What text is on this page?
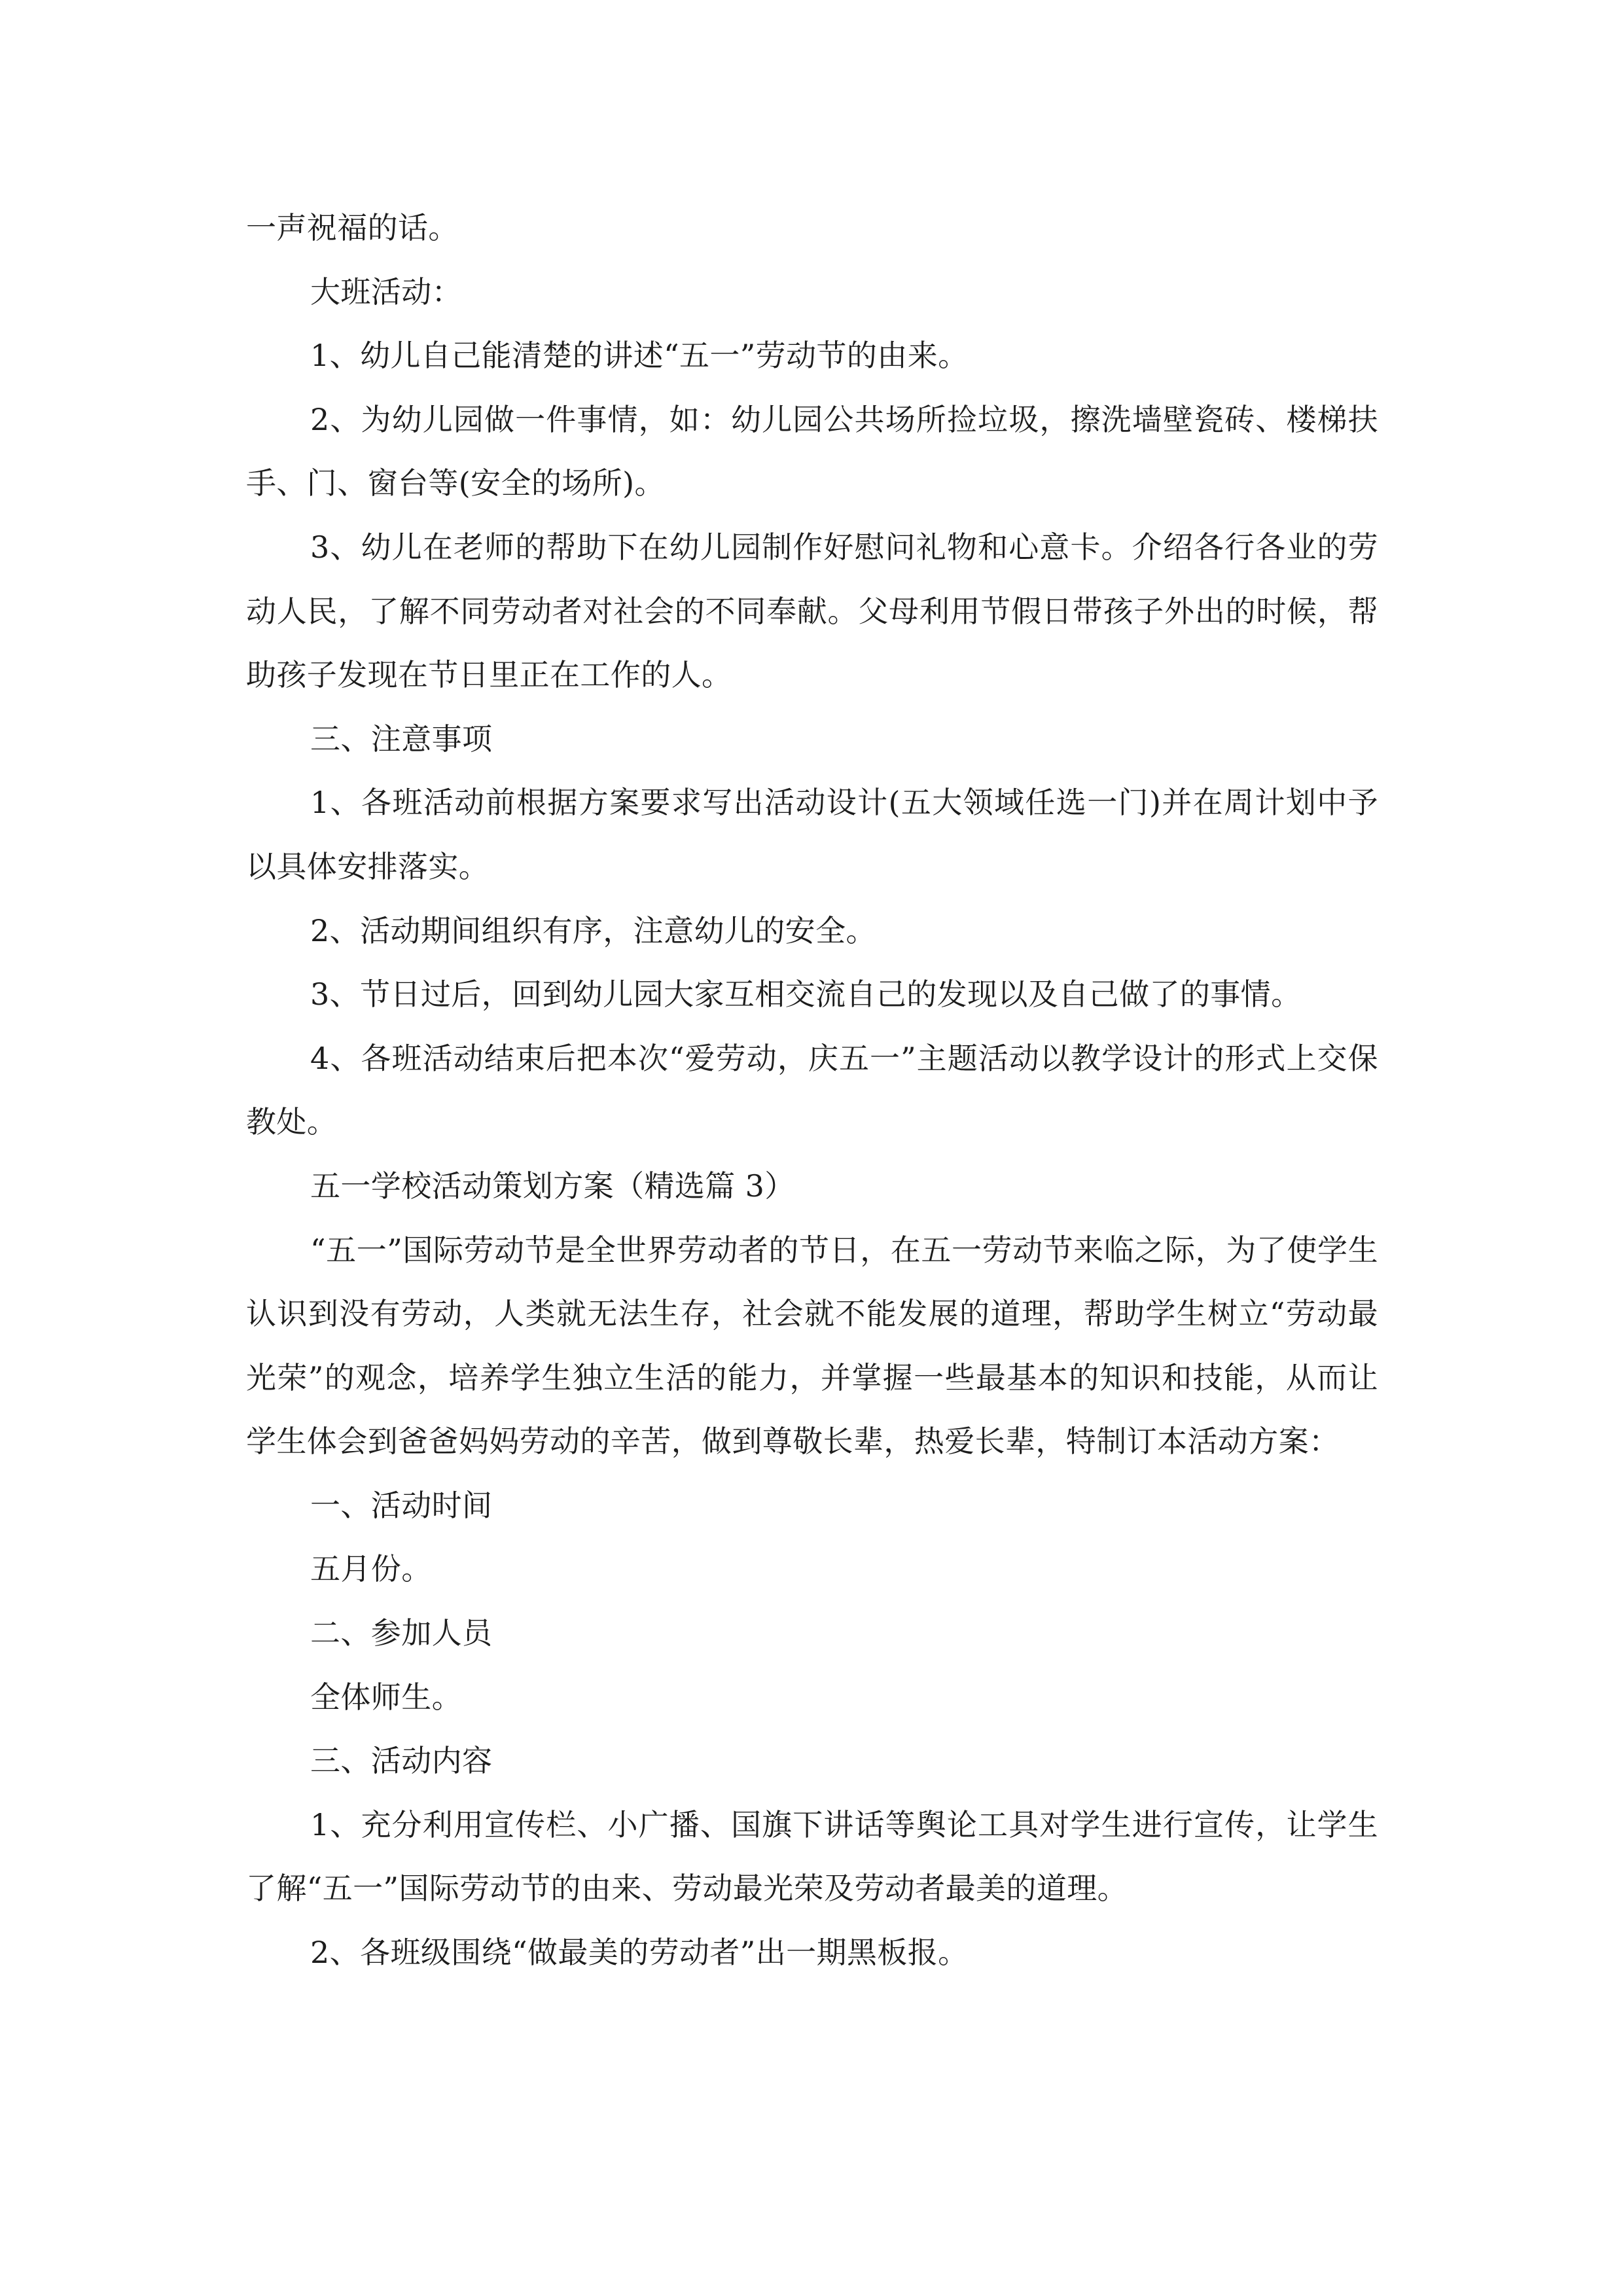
一声祝福的话。

大班活动：

1、幼儿自己能清楚的讲述“五一”劳动节的由来。

2、为幼儿园做一件事情，如：幼儿园公共场所捡垃圾，擦洗墙壁瓷砖、楼梯扶手、门、窗台等(安全的场所)。

3、幼儿在老师的帮助下在幼儿园制作好慰问礼物和心意卡。介绍各行各业的劳动人民，了解不同劳动者对社会的不同奉献。父母利用节假日带孩子外出的时候，帮助孩子发现在节日里正在工作的人。

三、注意事项

1、各班活动前根据方案要求写出活动设计(五大领域任选一门)并在周计划中予以具体安排落实。

2、活动期间组织有序，注意幼儿的安全。

3、节日过后，回到幼儿园大家互相交流自己的发现以及自己做了的事情。

4、各班活动结束后把本次“爱劳动，庆五一”主题活动以教学设计的形式上交保教处。

五一学校活动策划方案（精选篇 3）

“五一”国际劳动节是全世界劳动者的节日，在五一劳动节来临之际，为了使学生认识到没有劳动，人类就无法生存，社会就不能发展的道理，帮助学生树立“劳动最光荣”的观念，培养学生独立生活的能力，并掌握一些最基本的知识和技能，从而让学生体会到爸爸妈妈劳动的辛苦，做到尊敬长辈，热爱长辈，特制订本活动方案：

一、活动时间

五月份。

二、参加人员

全体师生。

三、活动内容

1、充分利用宣传栏、小广播、国旗下讲话等舆论工具对学生进行宣传，让学生了解“五一”国际劳动节的由来、劳动最光荣及劳动者最美的道理。

2、各班级围绕“做最美的劳动者”出一期黑板报。
